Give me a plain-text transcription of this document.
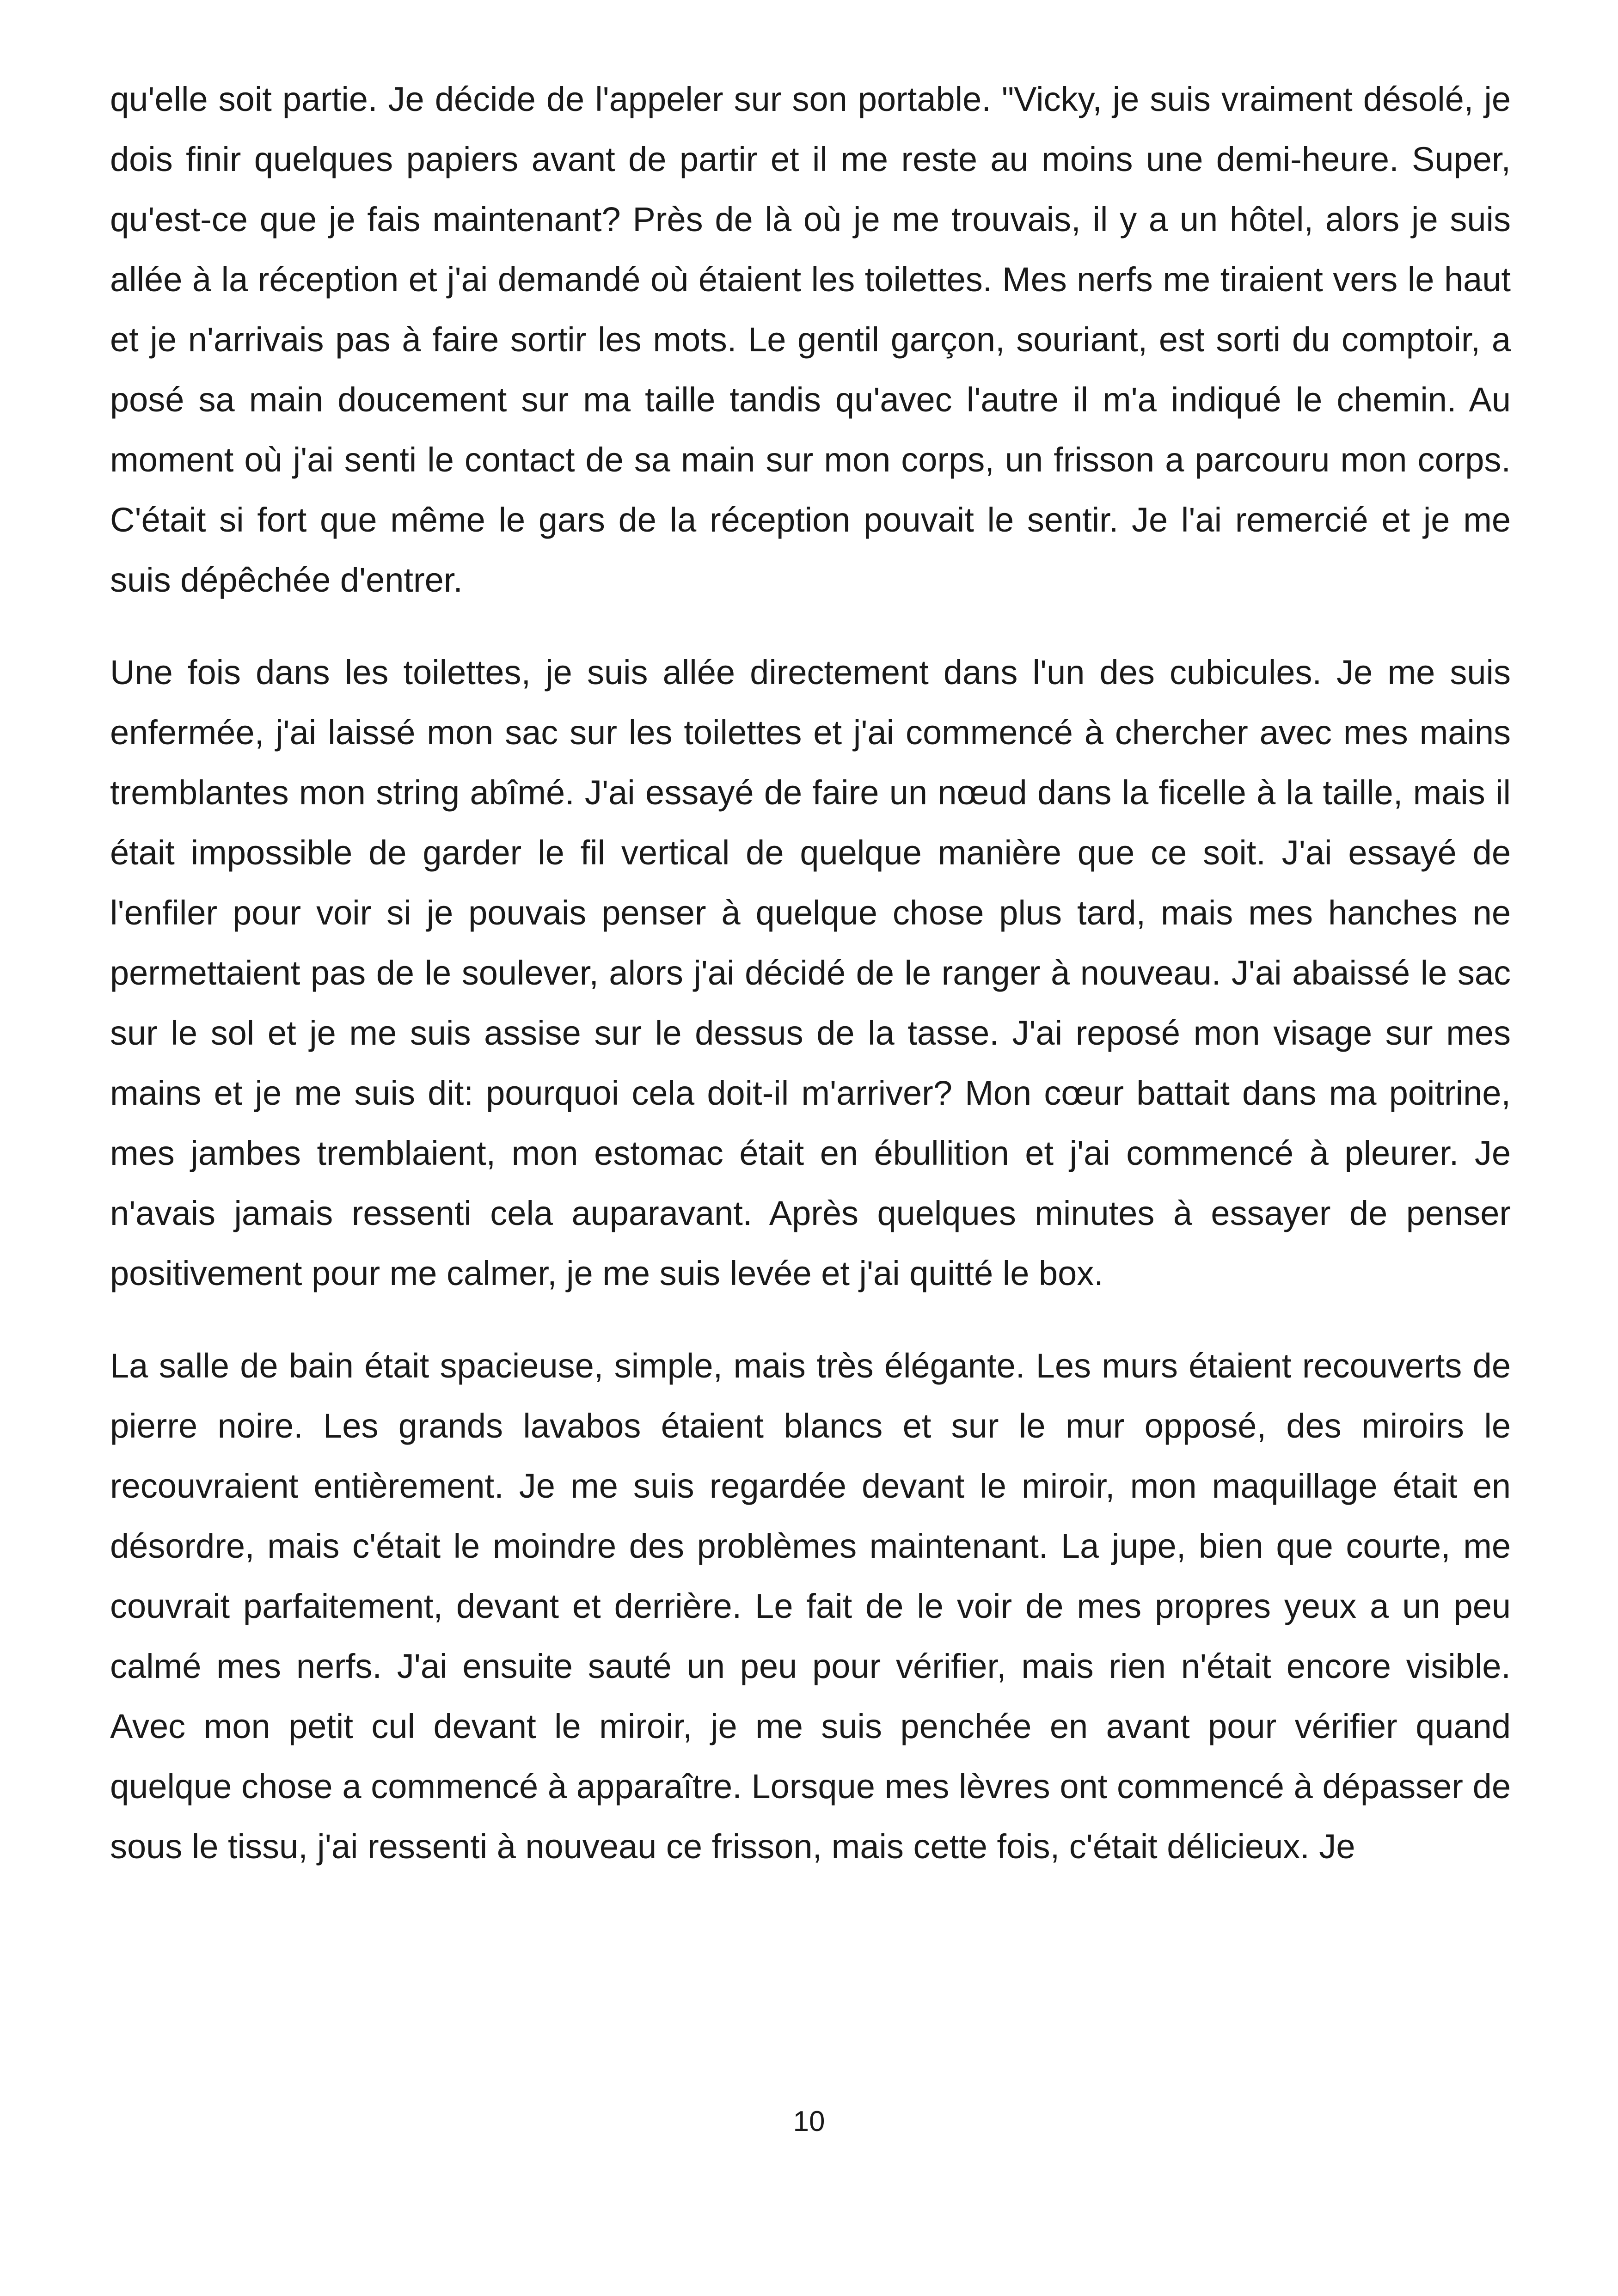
qu'elle soit partie. Je décide de l'appeler sur son portable. "Vicky, je suis vraiment désolé, je dois finir quelques papiers avant de partir et il me reste au moins une demi-heure. Super, qu'est-ce que je fais maintenant? Près de là où je me trouvais, il y a un hôtel, alors je suis allée à la réception et j'ai demandé où étaient les toilettes. Mes nerfs me tiraient vers le haut et je n'arrivais pas à faire sortir les mots. Le gentil garçon, souriant, est sorti du comptoir, a posé sa main doucement sur ma taille tandis qu'avec l'autre il m'a indiqué le chemin. Au moment où j'ai senti le contact de sa main sur mon corps, un frisson a parcouru mon corps. C'était si fort que même le gars de la réception pouvait le sentir. Je l'ai remercié et je me suis dépêchée d'entrer.

Une fois dans les toilettes, je suis allée directement dans l'un des cubicules. Je me suis enfermée, j'ai laissé mon sac sur les toilettes et j'ai commencé à chercher avec mes mains tremblantes mon string abîmé. J'ai essayé de faire un nœud dans la ficelle à la taille, mais il était impossible de garder le fil vertical de quelque manière que ce soit. J'ai essayé de l'enfiler pour voir si je pouvais penser à quelque chose plus tard, mais mes hanches ne permettaient pas de le soulever, alors j'ai décidé de le ranger à nouveau. J'ai abaissé le sac sur le sol et je me suis assise sur le dessus de la tasse. J'ai reposé mon visage sur mes mains et je me suis dit: pourquoi cela doit-il m'arriver? Mon cœur battait dans ma poitrine, mes jambes tremblaient, mon estomac était en ébullition et j'ai commencé à pleurer. Je n'avais jamais ressenti cela auparavant. Après quelques minutes à essayer de penser positivement pour me calmer, je me suis levée et j'ai quitté le box.

La salle de bain était spacieuse, simple, mais très élégante. Les murs étaient recouverts de pierre noire. Les grands lavabos étaient blancs et sur le mur opposé, des miroirs le recouvraient entièrement. Je me suis regardée devant le miroir, mon maquillage était en désordre, mais c'était le moindre des problèmes maintenant. La jupe, bien que courte, me couvrait parfaitement, devant et derrière. Le fait de le voir de mes propres yeux a un peu calmé mes nerfs. J'ai ensuite sauté un peu pour vérifier, mais rien n'était encore visible. Avec mon petit cul devant le miroir, je me suis penchée en avant pour vérifier quand quelque chose a commencé à apparaître. Lorsque mes lèvres ont commencé à dépasser de sous le tissu, j'ai ressenti à nouveau ce frisson, mais cette fois, c'était délicieux. Je

10
